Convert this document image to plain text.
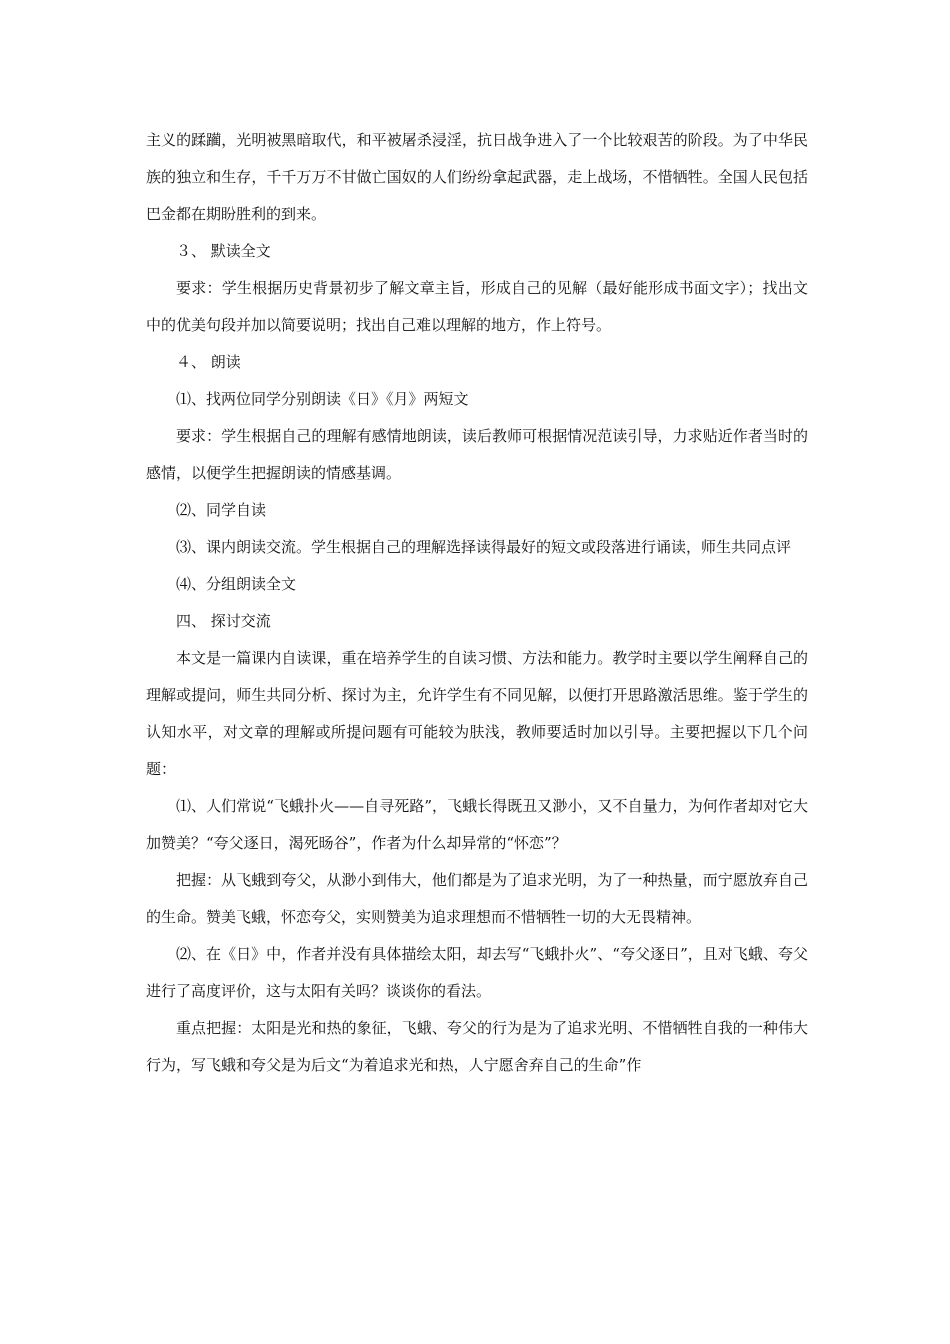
主义的蹂躏，光明被黑暗取代，和平被屠杀浸淫，抗日战争进入了一个比较艰苦的阶段。为了中华民族的独立和生存，千千万万不甘做亡国奴的人们纷纷拿起武器，走上战场，不惜牺牲。全国人民包括巴金都在期盼胜利的到来。

３、 默读全文

要求：学生根据历史背景初步了解文章主旨，形成自己的见解（最好能形成书面文字）；找出文中的优美句段并加以简要说明；找出自己难以理解的地方，作上符号。

４、 朗读

⑴、找两位同学分别朗读《日》《月》两短文

要求：学生根据自己的理解有感情地朗读，读后教师可根据情况范读引导，力求贴近作者当时的感情，以便学生把握朗读的情感基调。

⑵、同学自读

⑶、课内朗读交流。学生根据自己的理解选择读得最好的短文或段落进行诵读，师生共同点评

⑷、分组朗读全文

四、 探讨交流

本文是一篇课内自读课，重在培养学生的自读习惯、方法和能力。教学时主要以学生阐释自己的理解或提问，师生共同分析、探讨为主，允许学生有不同见解，以便打开思路激活思维。鉴于学生的认知水平，对文章的理解或所提问题有可能较为肤浅，教师要适时加以引导。主要把握以下几个问题：

⑴、人们常说“飞蛾扑火——自寻死路”，飞蛾长得既丑又渺小，又不自量力，为何作者却对它大加赞美？“夸父逐日，渴死旸谷”，作者为什么却异常的“怀恋”？

把握：从飞蛾到夸父，从渺小到伟大，他们都是为了追求光明，为了一种热量，而宁愿放弃自己的生命。赞美飞蛾，怀恋夸父，实则赞美为追求理想而不惜牺牲一切的大无畏精神。

⑵、在《日》中，作者并没有具体描绘太阳，却去写“飞蛾扑火”、“夸父逐日”，且对飞蛾、夸父进行了高度评价，这与太阳有关吗？谈谈你的看法。

重点把握：太阳是光和热的象征，飞蛾、夸父的行为是为了追求光明、不惜牺牲自我的一种伟大行为，写飞蛾和夸父是为后文“为着追求光和热，人宁愿舍弃自己的生命”作
